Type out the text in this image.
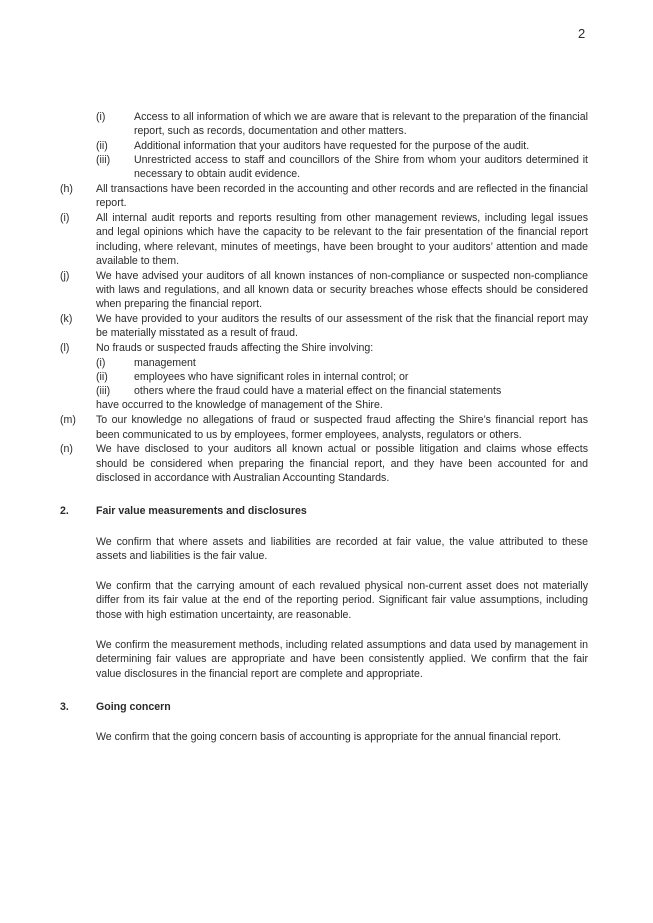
2
(i)	Access to all information of which we are aware that is relevant to the preparation of the financial report, such as records, documentation and other matters.
(ii)	Additional information that your auditors have requested for the purpose of the audit.
(iii)	Unrestricted access to staff and councillors of the Shire from whom your auditors determined it necessary to obtain audit evidence.
(h)	All transactions have been recorded in the accounting and other records and are reflected in the financial report.

(i)	All internal audit reports and reports resulting from other management reviews, including legal issues and legal opinions which have the capacity to be relevant to the fair presentation of the financial report including, where relevant, minutes of meetings, have been brought to your auditors’ attention and made available to them.

(j)	We have advised your auditors of all known instances of non-compliance or suspected non-compliance with laws and regulations, and all known data or security breaches whose effects should be considered when preparing the financial report.

(k)	We have provided to your auditors the results of our assessment of the risk that the financial report may be materially misstated as a result of fraud.

(l)	No frauds or suspected frauds affecting the Shire involving:

(i)	management
(ii)	employees who have significant roles in internal control; or
(iii)	others where the fraud could have a material effect on the financial statements

have occurred to the knowledge of management of the Shire.

(m)	To our knowledge no allegations of fraud or suspected fraud affecting the Shire’s financial report has been communicated to us by employees, former employees, analysts, regulators or others.

(n)	We have disclosed to your auditors all known actual or possible litigation and claims whose effects should be considered when preparing the financial report, and they have been accounted for and disclosed in accordance with Australian Accounting Standards.

2.	Fair value measurements and disclosures

We confirm that where assets and liabilities are recorded at fair value, the value attributed to these assets and liabilities is the fair value.

We confirm that the carrying amount of each revalued physical non-current asset does not materially differ from its fair value at the end of the reporting period. Significant fair value assumptions, including those with high estimation uncertainty, are reasonable.

We confirm the measurement methods, including related assumptions and data used by management in determining fair values are appropriate and have been consistently applied. We confirm that the fair value disclosures in the financial report are complete and appropriate.

3.	Going concern

We confirm that the going concern basis of accounting is appropriate for the annual financial report.
